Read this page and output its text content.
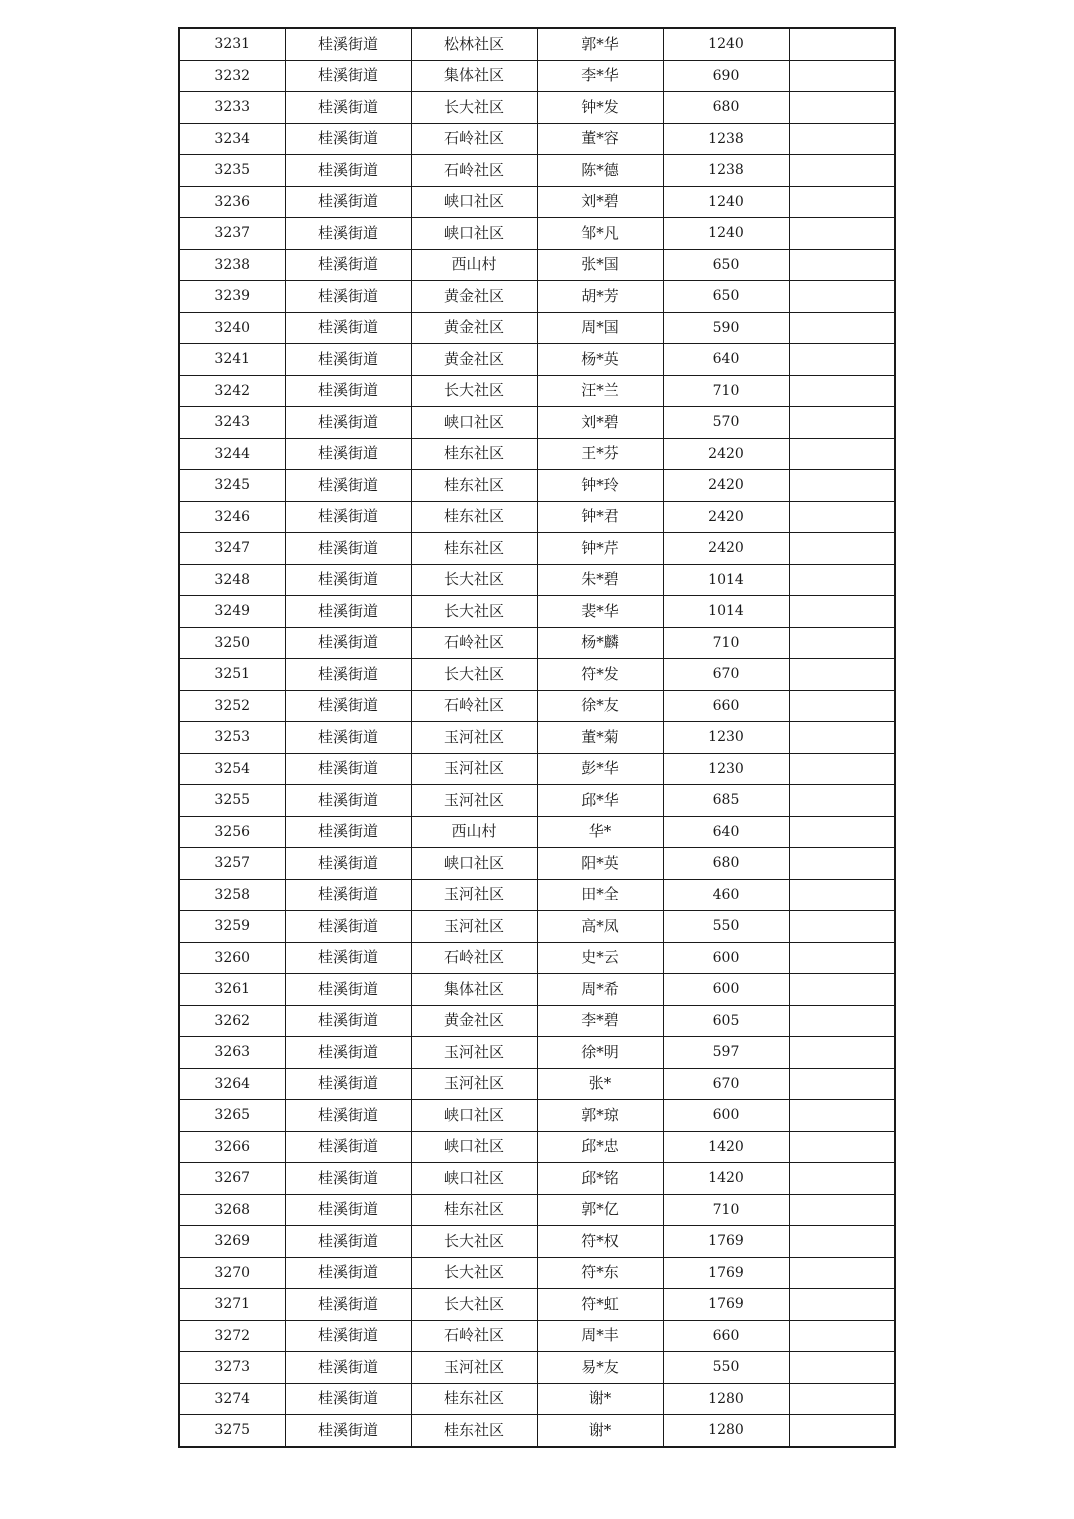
3231	桂溪街道	松林社区	郭*华	1240	
3232	桂溪街道	集体社区	李*华	690	
3233	桂溪街道	长大社区	钟*发	680	
3234	桂溪街道	石岭社区	董*容	1238	
3235	桂溪街道	石岭社区	陈*德	1238	
3236	桂溪街道	峡口社区	刘*碧	1240	
3237	桂溪街道	峡口社区	邹*凡	1240	
3238	桂溪街道	西山村	张*国	650	
3239	桂溪街道	黄金社区	胡*芳	650	
3240	桂溪街道	黄金社区	周*国	590	
3241	桂溪街道	黄金社区	杨*英	640	
3242	桂溪街道	长大社区	汪*兰	710	
3243	桂溪街道	峡口社区	刘*碧	570	
3244	桂溪街道	桂东社区	王*芬	2420	
3245	桂溪街道	桂东社区	钟*玲	2420	
3246	桂溪街道	桂东社区	钟*君	2420	
3247	桂溪街道	桂东社区	钟*芹	2420	
3248	桂溪街道	长大社区	朱*碧	1014	
3249	桂溪街道	长大社区	裴*华	1014	
3250	桂溪街道	石岭社区	杨*麟	710	
3251	桂溪街道	长大社区	符*发	670	
3252	桂溪街道	石岭社区	徐*友	660	
3253	桂溪街道	玉河社区	董*菊	1230	
3254	桂溪街道	玉河社区	彭*华	1230	
3255	桂溪街道	玉河社区	邱*华	685	
3256	桂溪街道	西山村	华*	640	
3257	桂溪街道	峡口社区	阳*英	680	
3258	桂溪街道	玉河社区	田*全	460	
3259	桂溪街道	玉河社区	高*凤	550	
3260	桂溪街道	石岭社区	史*云	600	
3261	桂溪街道	集体社区	周*希	600	
3262	桂溪街道	黄金社区	李*碧	605	
3263	桂溪街道	玉河社区	徐*明	597	
3264	桂溪街道	玉河社区	张*	670	
3265	桂溪街道	峡口社区	郭*琼	600	
3266	桂溪街道	峡口社区	邱*忠	1420	
3267	桂溪街道	峡口社区	邱*铭	1420	
3268	桂溪街道	桂东社区	郭*亿	710	
3269	桂溪街道	长大社区	符*权	1769	
3270	桂溪街道	长大社区	符*东	1769	
3271	桂溪街道	长大社区	符*虹	1769	
3272	桂溪街道	石岭社区	周*丰	660	
3273	桂溪街道	玉河社区	易*友	550	
3274	桂溪街道	桂东社区	谢*	1280	
3275	桂溪街道	桂东社区	谢*	1280	
